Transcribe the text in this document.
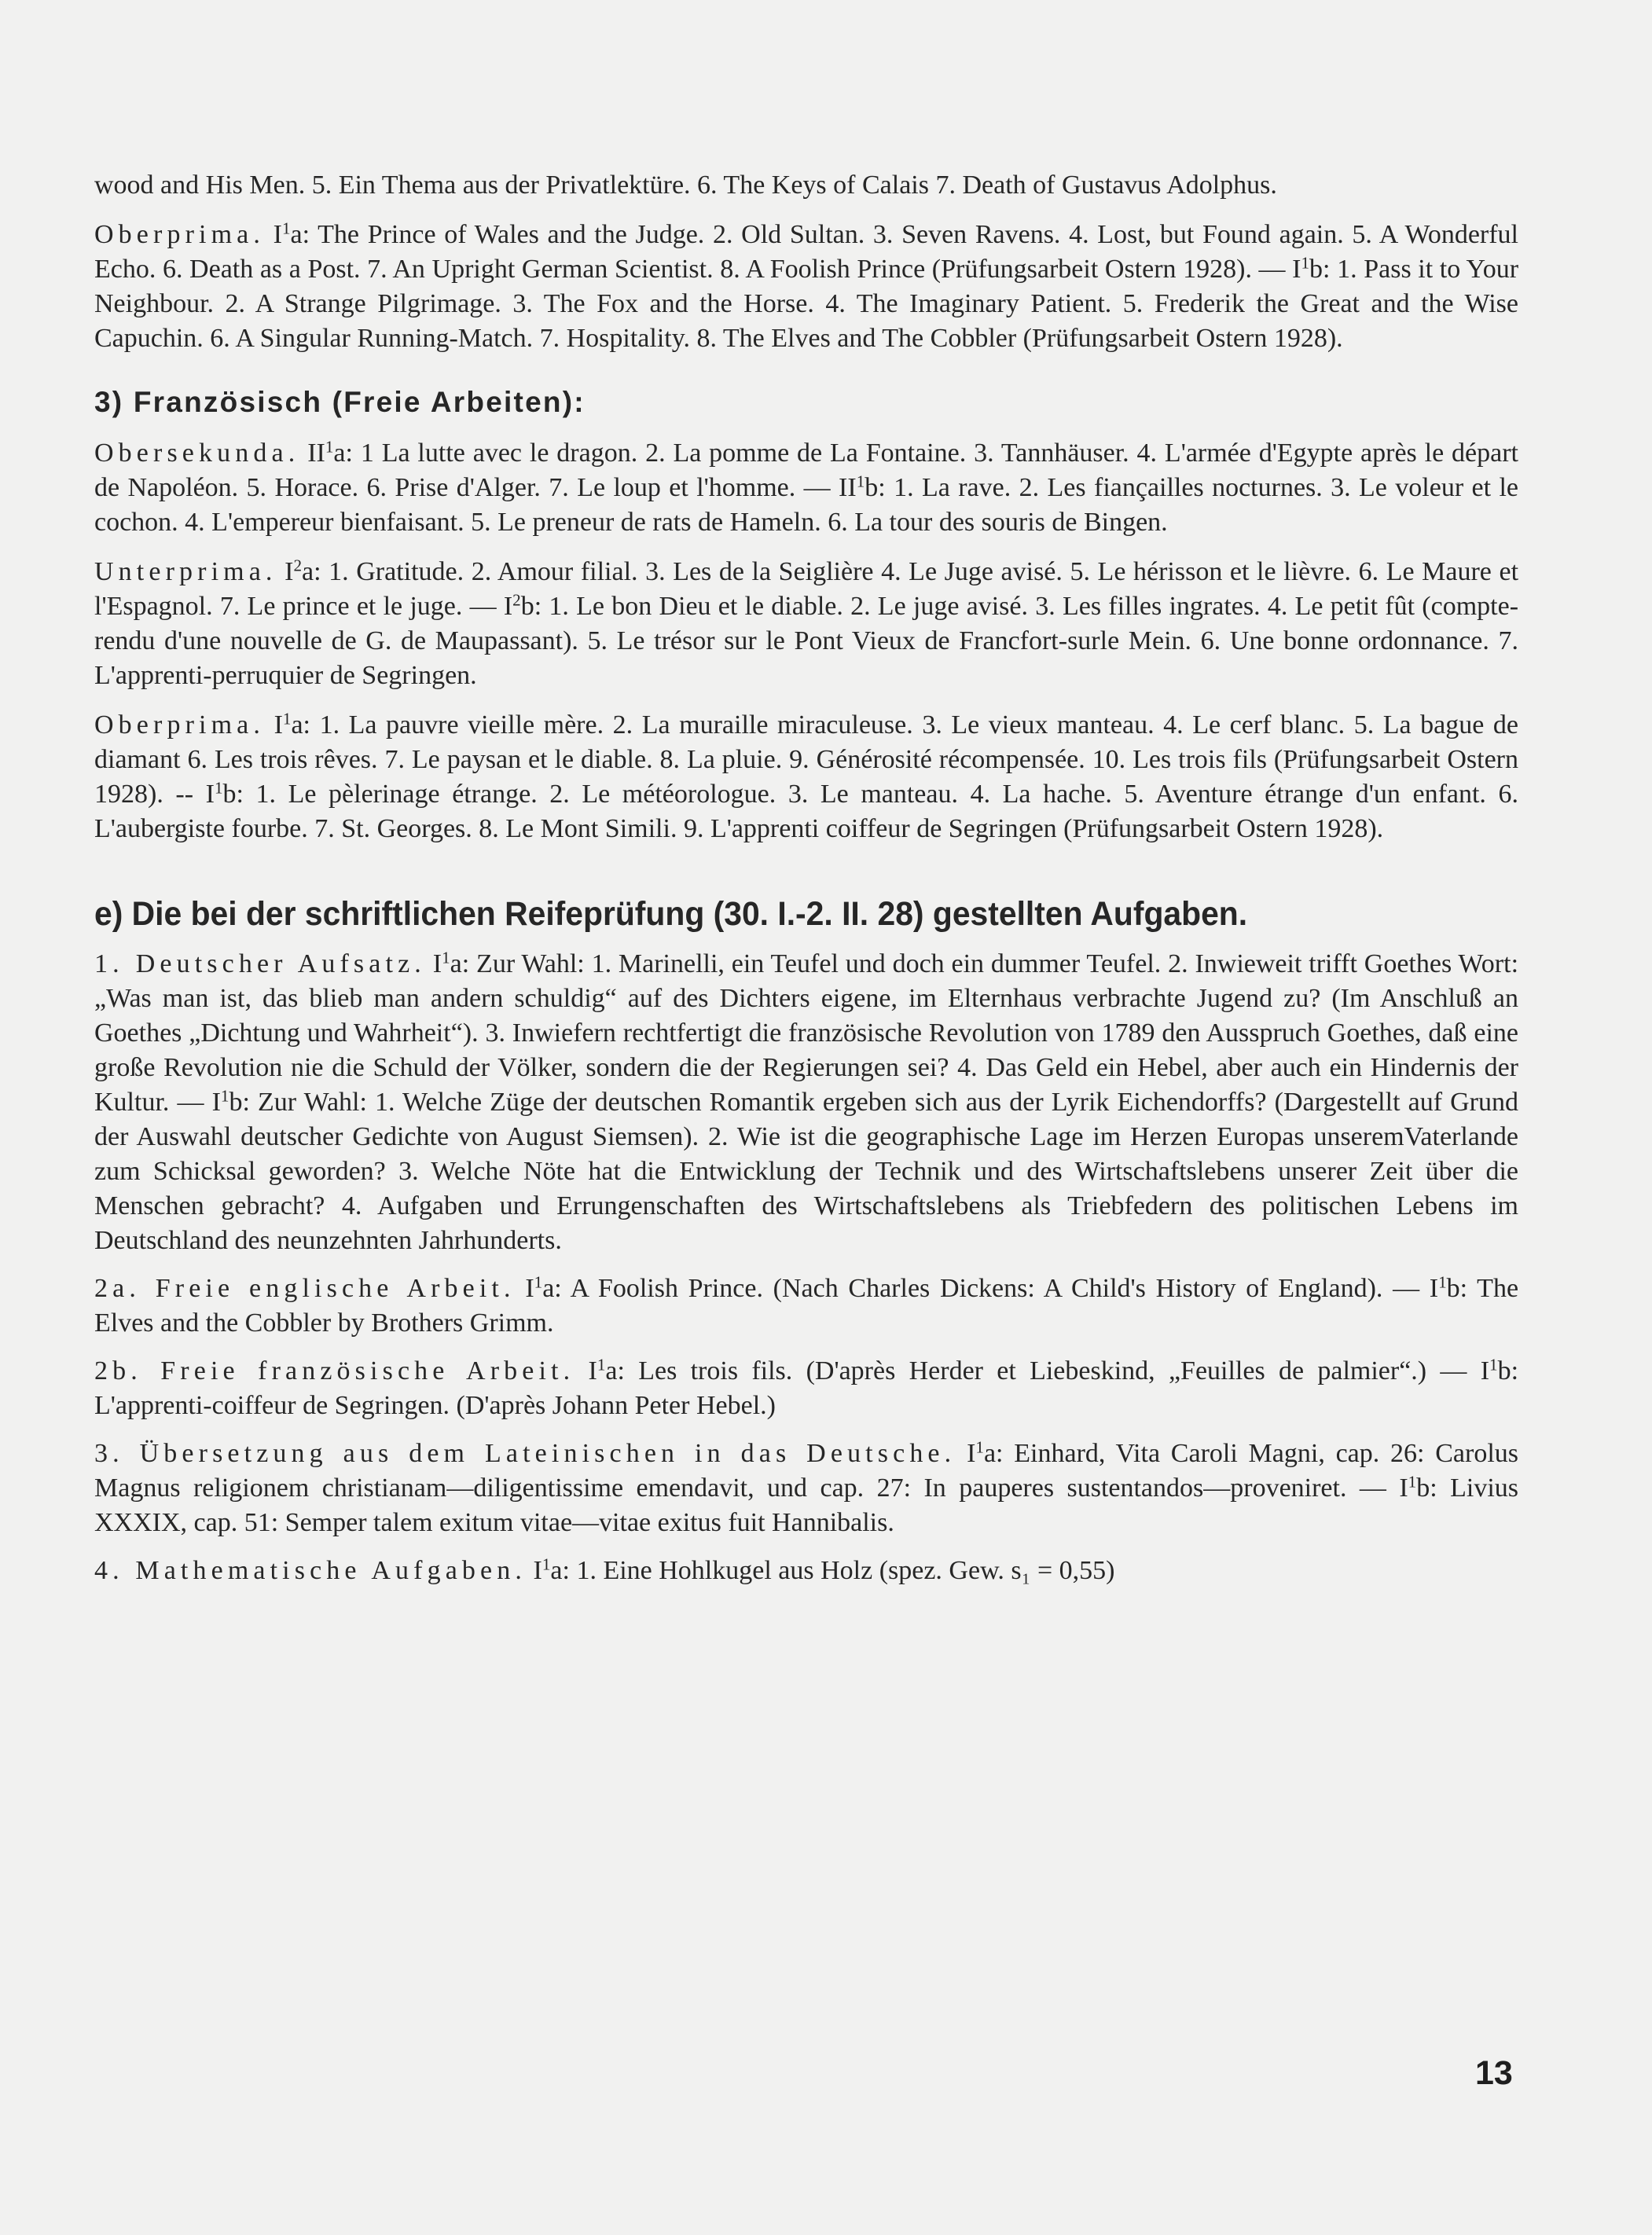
wood and His Men. 5. Ein Thema aus der Privatlektüre. 6. The Keys of Calais 7. Death of Gustavus Adolphus.

Oberprima. $I^1a$: The Prince of Wales and the Judge. 2. Old Sultan. 3. Seven Ravens. 4. Lost, but Found again. 5. A Wonderful Echo. 6. Death as a Post. 7. An Upright German Scientist. 8. A Foolish Prince (Prüfungsarbeit Ostern 1928). — $I^1b$: 1. Pass it to Your Neighbour. 2. A Strange Pilgrimage. 3. The Fox and the Horse. 4. The Imaginary Patient. 5. Frederik the Great and the Wise Capuchin. 6. A Singular Running-Match. 7. Hospitality. 8. The Elves and The Cobbler (Prüfungsarbeit Ostern 1928).

3) Französisch (Freie Arbeiten):

Obersekunda. $II^1a$: 1 La lutte avec le dragon. 2. La pomme de La Fontaine. 3. Tannhäuser. 4. L'armée d'Egypte après le départ de Napoléon. 5. Horace. 6. Prise d'Alger. 7. Le loup et l'homme. — $II^1b$: 1. La rave. 2. Les fiançailles nocturnes. 3. Le voleur et le cochon. 4. L'empereur bienfaisant. 5. Le preneur de rats de Hameln. 6. La tour des souris de Bingen.

Unterprima. $I^2a$: 1. Gratitude. 2. Amour filial. 3. Les de la Seiglière 4. Le Juge avisé. 5. Le hérisson et le lièvre. 6. Le Maure et l'Espagnol. 7. Le prince et le juge. — $I^2b$: 1. Le bon Dieu et le diable. 2. Le juge avisé. 3. Les filles ingrates. 4. Le petit fût (compterendu d'une nouvelle de G. de Maupassant). 5. Le trésor sur le Pont Vieux de Francfort-surle Mein. 6. Une bonne ordonnance. 7. L'apprenti-perruquier de Segringen.

Oberprima. $I^1a$: 1. La pauvre vieille mère. 2. La muraille miraculeuse. 3. Le vieux manteau. 4. Le cerf blanc. 5. La bague de diamant 6. Les trois rêves. 7. Le paysan et le diable. 8. La pluie. 9. Générosité récompensée. 10. Les trois fils (Prüfungsarbeit Ostern 1928). -- $I^1b$: 1. Le pèlerinage étrange. 2. Le météorologue. 3. Le manteau. 4. La hache. 5. Aventure étrange d'un enfant. 6. L'aubergiste fourbe. 7. St. Georges. 8. Le Mont Simili. 9. L'apprenti coiffeur de Segringen (Prüfungsarbeit Ostern 1928).

e) Die bei der schriftlichen Reifeprüfung (30. I.-2. II. 28) gestellten Aufgaben.

1. Deutscher Aufsatz. $I^1a$: Zur Wahl: 1. Marinelli, ein Teufel und doch ein dummer Teufel. 2. Inwieweit trifft Goethes Wort: „Was man ist, das blieb man andern schuldig“ auf des Dichters eigene, im Elternhaus verbrachte Jugend zu? (Im Anschluß an Goethes „Dichtung und Wahrheit“). 3. Inwiefern rechtfertigt die französische Revolution von 1789 den Ausspruch Goethes, daß eine große Revolution nie die Schuld der Völker, sondern die der Regierungen sei? 4. Das Geld ein Hebel, aber auch ein Hindernis der Kultur. — $I^1b$: Zur Wahl: 1. Welche Züge der deutschen Romantik ergeben sich aus der Lyrik Eichendorffs? (Dargestellt auf Grund der Auswahl deutscher Gedichte von August Siemsen). 2. Wie ist die geographische Lage im Herzen Europas unseremVaterlande zum Schicksal geworden? 3. Welche Nöte hat die Entwicklung der Technik und des Wirtschaftslebens unserer Zeit über die Menschen gebracht? 4. Aufgaben und Errungenschaften des Wirtschaftslebens als Triebfedern des politischen Lebens im Deutschland des neunzehnten Jahrhunderts.

2a. Freie englische Arbeit. $I^1a$: A Foolish Prince. (Nach Charles Dickens: A Child's History of England). — $I^1b$: The Elves and the Cobbler by Brothers Grimm.

2b. Freie französische Arbeit. $I^1a$: Les trois fils. (D'après Herder et Liebeskind, „Feuilles de palmier“.) — $I^1b$: L'apprenti-coiffeur de Segringen. (D'après Johann Peter Hebel.)

3. Übersetzung aus dem Lateinischen in das Deutsche. $I^1a$: Einhard, Vita Caroli Magni, cap. 26: Carolus Magnus religionem christianam—diligentissime emendavit, und cap. 27: In pauperes sustentandos—proveniret. — $I^1b$: Livius XXXIX, cap. 51: Semper talem exitum vitae—vitae exitus fuit Hannibalis.

4. Mathematische Aufgaben. $I^1a$: 1. Eine Hohlkugel aus Holz (spez. Gew. s₁ = 0,55)

13
